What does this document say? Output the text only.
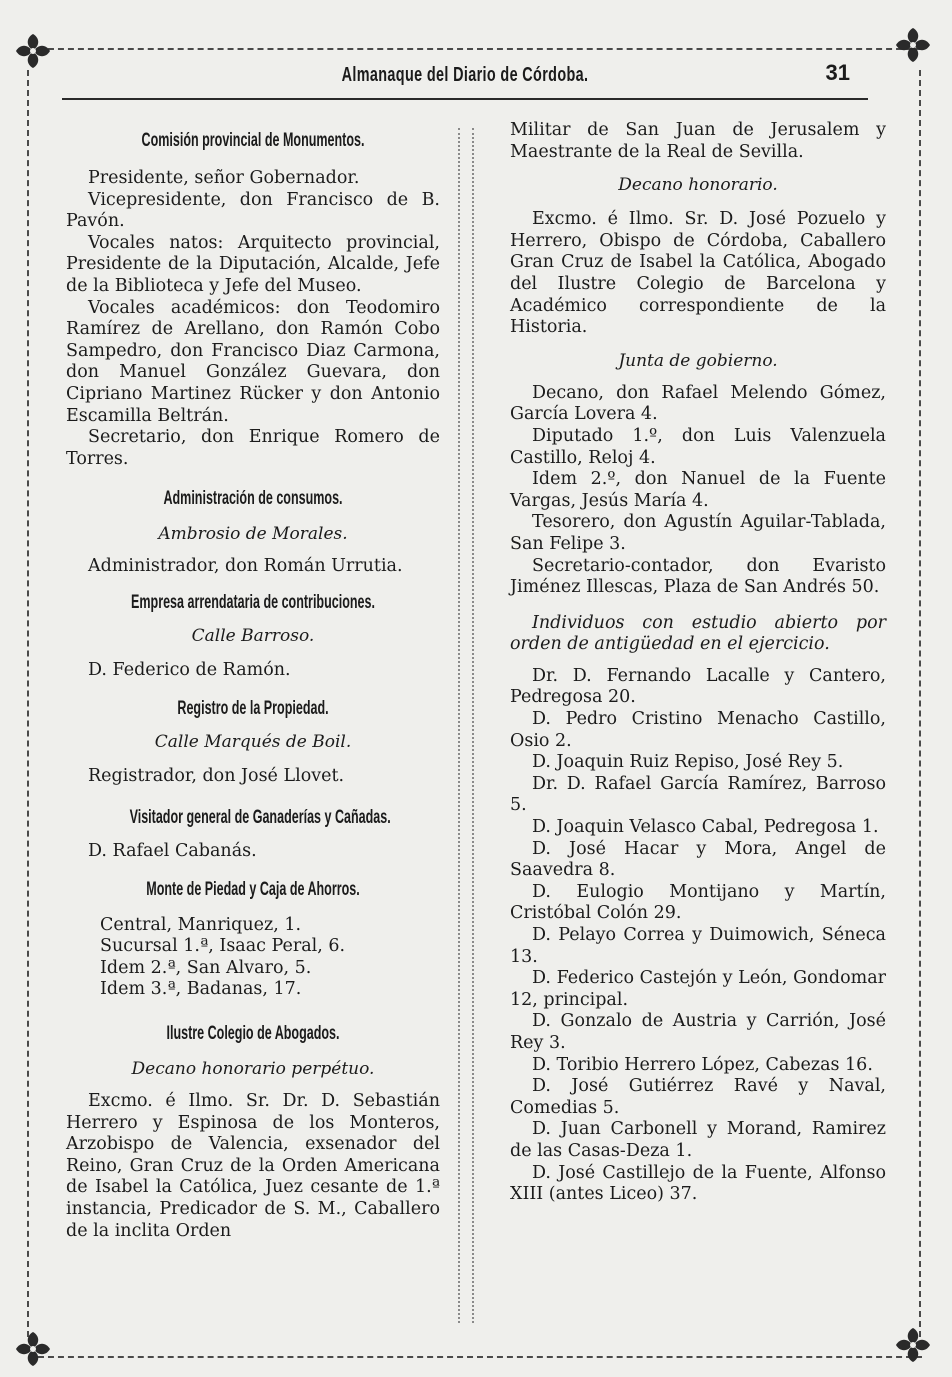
Almanaque del Diario de Córdoba.	31

Comisión provincial de Monumentos.

Presidente, señor Gobernador.

Vicepresidente, don Francisco de B. Pavón.

Vocales natos: Arquitecto provincial, Presidente de la Diputación, Alcalde, Jefe de la Biblioteca y Jefe del Museo.

Vocales académicos: don Teodomiro Ramírez de Arellano, don Ramón Cobo Sampedro, don Francisco Diaz Carmona, don Manuel González Guevara, don Cipriano Martinez Rücker y don Antonio Escamilla Beltrán.

Secretario, don Enrique Romero de Torres.

Administración de consumos.

Ambrosio de Morales.

Administrador, don Román Urrutia.

Empresa arrendataria de contribuciones.

Calle Barroso.

D. Federico de Ramón.

Registro de la Propiedad.

Calle Marqués de Boil.

Registrador, don José Llovet.

Visitador general de Ganaderías y Cañadas.

D. Rafael Cabanás.

Monte de Piedad y Caja de Ahorros.

Central, Manriquez, 1.

Sucursal 1.ª, Isaac Peral, 6.

Idem 2.ª, San Alvaro, 5.

Idem 3.ª, Badanas, 17.

Ilustre Colegio de Abogados.

Decano honorario perpétuo.

Excmo. é Ilmo. Sr. Dr. D. Sebastián Herrero y Espinosa de los Monteros, Arzobispo de Valencia, exsenador del Reino, Gran Cruz de la Orden Americana de Isabel la Católica, Juez cesante de 1.ª instancia, Predicador de S. M., Caballero de la inclita Orden

Militar de San Juan de Jerusalem y Maestrante de la Real de Sevilla.

Decano honorario.

Excmo. é Ilmo. Sr. D. José Pozuelo y Herrero, Obispo de Córdoba, Caballero Gran Cruz de Isabel la Católica, Abogado del Ilustre Colegio de Barcelona y Académico correspondiente de la Historia.

Junta de gobierno.

Decano, don Rafael Melendo Gómez, García Lovera 4.

Diputado 1.º, don Luis Valenzuela Castillo, Reloj 4.

Idem 2.º, don Nanuel de la Fuente Vargas, Jesús María 4.

Tesorero, don Agustín Aguilar-Tablada, San Felipe 3.

Secretario-contador, don Evaristo Jiménez Illescas, Plaza de San Andrés 50.

Individuos con estudio abierto por orden de antigüedad en el ejercicio.

Dr. D. Fernando Lacalle y Cantero, Pedregosa 20.

D. Pedro Cristino Menacho Castillo, Osio 2.

D. Joaquin Ruiz Repiso, José Rey 5.

Dr. D. Rafael García Ramírez, Barroso 5.

D. Joaquin Velasco Cabal, Pedregosa 1.

D. José Hacar y Mora, Angel de Saavedra 8.

D. Eulogio Montijano y Martín, Cristóbal Colón 29.

D. Pelayo Correa y Duimowich, Séneca 13.

D. Federico Castejón y León, Gondomar 12, principal.

D. Gonzalo de Austria y Carrión, José Rey 3.

D. Toribio Herrero López, Cabezas 16.

D. José Gutiérrez Ravé y Naval, Comedias 5.

D. Juan Carbonell y Morand, Ramirez de las Casas-Deza 1.

D. José Castillejo de la Fuente, Alfonso XIII (antes Liceo) 37.
